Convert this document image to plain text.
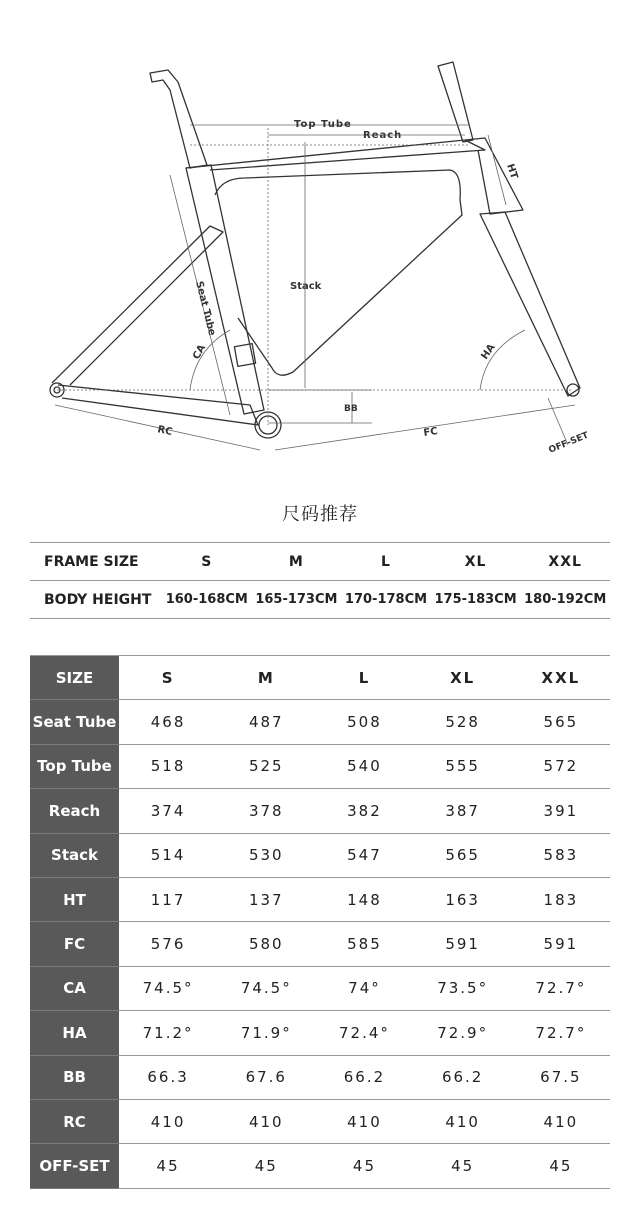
Top Tube
Reach
HT
Stack
Seat Tube
CA	HA
BB
RC	FC	OFF-SET
尺码推荐
FRAME SIZE	S	M	L	XL	XXL
BODY HEIGHT	160-168CM	165-173CM	170-178CM	175-183CM	180-192CM
SIZE	S	M	L	XL	XXL
Seat Tube	468	487	508	528	565
Top Tube	518	525	540	555	572
Reach	374	378	382	387	391
Stack	514	530	547	565	583
HT	117	137	148	163	183
FC	576	580	585	591	591
CA	74.5°	74.5°	74°	73.5°	72.7°
HA	71.2°	71.9°	72.4°	72.9°	72.7°
BB	66.3	67.6	66.2	66.2	67.5
RC	410	410	410	410	410
OFF-SET	45	45	45	45	45
